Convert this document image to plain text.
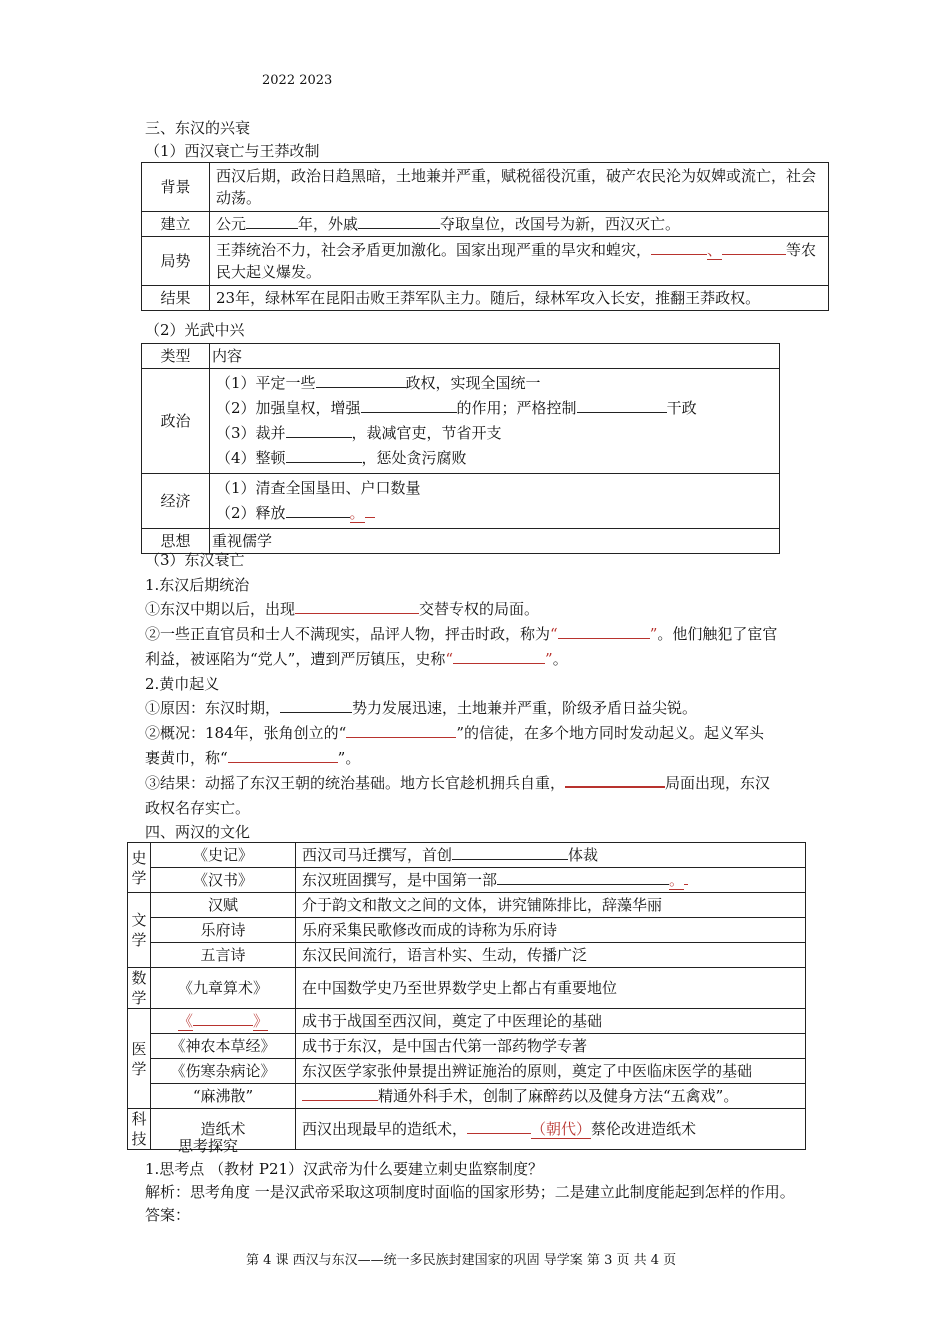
2022 2023
三、东汉的兴衰
（1）西汉衰亡与王莽改制
背景	西汉后期，政治日趋黑暗，土地兼并严重，赋税徭役沉重，破产农民沦为奴婢或流亡，社会动荡。
建立	公元 年，外戚 夺取皇位，改国号为新，西汉灭亡。
局势	王莽统治不力，社会矛盾更加激化。国家出现严重的旱灾和蝗灾， 、 等农民大起义爆发。
结果	23年，绿林军在昆阳击败王莽军队主力。随后，绿林军攻入长安，推翻王莽政权。
（2）光武中兴
类型	内容
政治	（1）平定一些 政权，实现全国统一
（2）加强皇权，增强 的作用；严格控制 干政
（3）裁并 ，裁减官吏，节省开支
（4）整顿 ，惩处贪污腐败

经济	（1）清查全国垦田、户口数量
（2）释放 。

思想	重视儒学
（3）东汉衰亡
1.东汉后期统治
①东汉中期以后，出现	交替专权的局面。
②一些正直官员和士人不满现实，品评人物，抨击时政，称为“	”。他们触犯了宦官
利益，被诬陷为“党人”，遭到严厉镇压，史称“	”。
2.黄巾起义
①原因：东汉时期，	势力发展迅速，土地兼并严重，阶级矛盾日益尖锐。
②概况：184年，张角创立的“	”的信徒，在多个地方同时发动起义。起义军头
裹黄巾，称“	”。
③结果：动摇了东汉王朝的统治基础。地方长官趁机拥兵自重，	局面出现，东汉
政权名存实亡。
四、两汉的文化
史学	《史记》	西汉司马迁撰写，首创 体裁
	《汉书》	东汉班固撰写，是中国第一部 。
文学	汉赋	介于韵文和散文之间的文体，讲究铺陈排比，辞藻华丽
	乐府诗	乐府采集民歌修改而成的诗称为乐府诗
	五言诗	东汉民间流行，语言朴实、生动，传播广泛
数学	《九章算术》	在中国数学史乃至世界数学史上都占有重要地位
医学	《 》	成书于战国至西汉间，奠定了中医理论的基础
	《神农本草经》	成书于东汉，是中国古代第一部药物学专著
	《伤寒杂病论》	东汉医学家张仲景提出辨证施治的原则，奠定了中医临床医学的基础
	“麻沸散”	精通外科手术，创制了麻醉药以及健身方法“五禽戏”。
科技	造纸术	西汉出现最早的造纸术， （朝代）蔡伦改进造纸术
思考探究
1.思考点 （教材 P21）汉武帝为什么要建立刺史监察制度？
解析：思考角度 一是汉武帝采取这项制度时面临的国家形势；二是建立此制度能起到怎样的作用。
答案：
第 4 课 西汉与东汉——统一多民族封建国家的巩固 导学案 第 3 页 共 4 页
